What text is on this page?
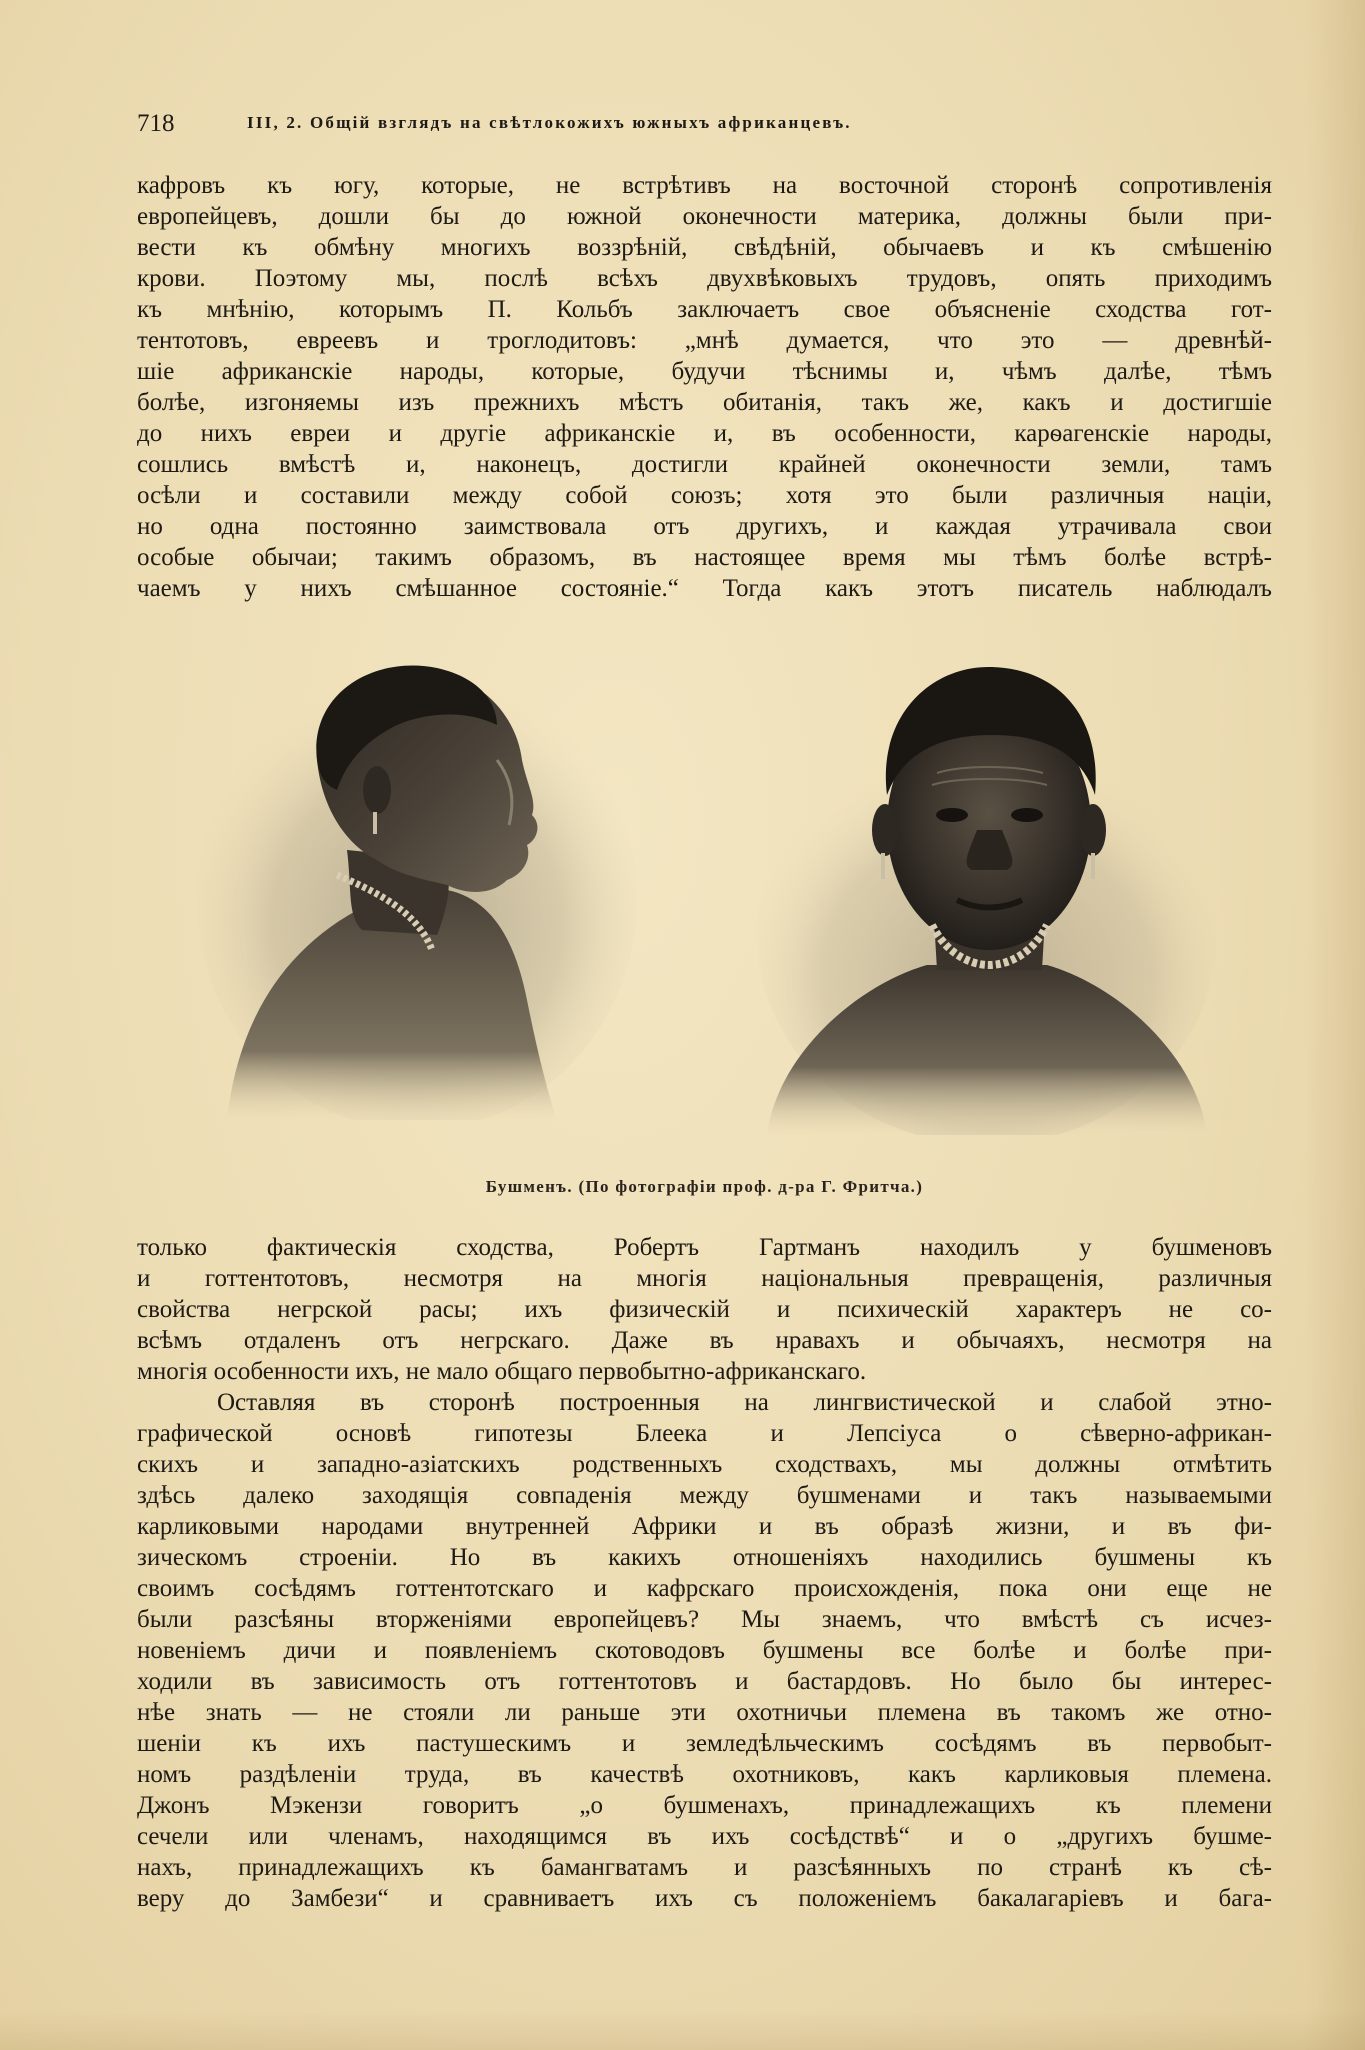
718	III, 2. Общій взглядъ на свѣтлокожихъ южныхъ африканцевъ.
кафровъ къ югу, которые, не встрѣтивъ на восточной сторонѣ сопротивленія
европейцевъ, дошли бы до южной оконечности материка, должны были при-
вести къ обмѣну многихъ воззрѣній, свѣдѣній, обычаевъ и къ смѣшенію
крови. Поэтому мы, послѣ всѣхъ двухвѣковыхъ трудовъ, опять приходимъ
къ мнѣнію, которымъ П. Кольбъ заключаетъ свое объясненіе сходства гот-
тентотовъ, евреевъ и троглодитовъ: „мнѣ думается, что это — древнѣй-
шіе африканскіе народы, которые, будучи тѣснимы и, чѣмъ далѣе, тѣмъ
болѣе, изгоняемы изъ прежнихъ мѣстъ обитанія, такъ же, какъ и достигшіе
до нихъ евреи и другіе африканскіе и, въ особенности, карѳагенскіе народы,
сошлись вмѣстѣ и, наконецъ, достигли крайней оконечности земли, тамъ
осѣли и составили между собой союзъ; хотя это были различныя націи,
но одна постоянно заимствовала отъ другихъ, и каждая утрачивала свои
особые обычаи; такимъ образомъ, въ настоящее время мы тѣмъ болѣе встрѣ-
чаемъ у нихъ смѣшанное состояніе.“ Тогда какъ этотъ писатель наблюдалъ
Бушменъ. (По фотографіи проф. д-ра Г. Фритча.)
только фактическія сходства, Робертъ Гартманъ находилъ у бушменовъ
и готтентотовъ, несмотря на многія національныя превращенія, различныя
свойства негрской расы; ихъ физическій и психическій характеръ не со-
всѣмъ отдаленъ отъ негрскаго. Даже въ нравахъ и обычаяхъ, несмотря на
многія особенности ихъ, не мало общаго первобытно-африканскаго.
Оставляя въ сторонѣ построенныя на лингвистической и слабой этно-
графической основѣ гипотезы Блеека и Лепсіуса о сѣверно-африкан-
скихъ и западно-азіатскихъ родственныхъ сходствахъ, мы должны отмѣтить
здѣсь далеко заходящія совпаденія между бушменами и такъ называемыми
карликовыми народами внутренней Африки и въ образѣ жизни, и въ фи-
зическомъ строеніи. Но въ какихъ отношеніяхъ находились бушмены къ
своимъ сосѣдямъ готтентотскаго и кафрскаго происхожденія, пока они еще не
были разсѣяны вторженіями европейцевъ? Мы знаемъ, что вмѣстѣ съ исчез-
новеніемъ дичи и появленіемъ скотоводовъ бушмены все болѣе и болѣе при-
ходили въ зависимость отъ готтентотовъ и бастардовъ. Но было бы интерес-
нѣе знать — не стояли ли раньше эти охотничьи племена въ такомъ же отно-
шеніи къ ихъ пастушескимъ и земледѣльческимъ сосѣдямъ въ первобыт-
номъ раздѣленіи труда, въ качествѣ охотниковъ, какъ карликовыя племена.
Джонъ Мэкензи говоритъ „о бушменахъ, принадлежащихъ къ племени
сечели или членамъ, находящимся въ ихъ сосѣдствѣ“ и о „другихъ бушме-
нахъ, принадлежащихъ къ бамангватамъ и разсѣянныхъ по странѣ къ сѣ-
веру до Замбези“ и сравниваетъ ихъ съ положеніемъ бакалагаріевъ и бага-
